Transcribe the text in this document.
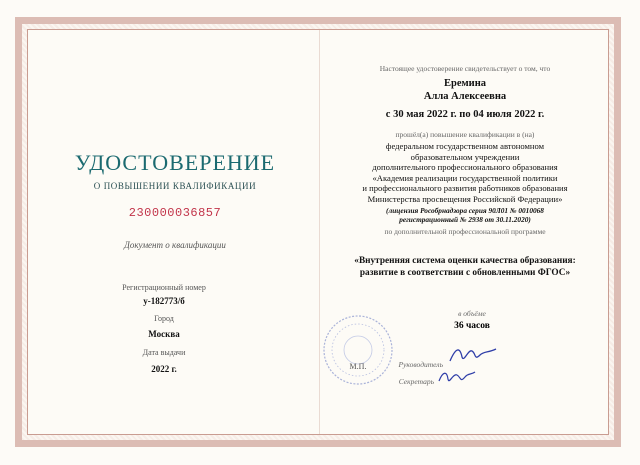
УДОСТОВЕРЕНИЕ
О ПОВЫШЕНИИ КВАЛИФИКАЦИИ
230000036857
Документ о квалификации
Регистрационный номер
у-182773/б
Город
Москва
Дата выдачи
2022 г.
Настоящее удостоверение свидетельствует о том, что
Еремина
Алла Алексеевна
с 30 мая 2022 г. по 04 июля 2022 г.
прошёл(а) повышение квалификации в (на)
федеральном государственном автономном
образовательном учреждении
дополнительного профессионального образования
«Академия реализации государственной политики
и профессионального развития работников образования
Министерства просвещения Российской Федерации»
(лицензия Рособрнадзора серия 90Л01 № 0010068
регистрационный № 2938 от 30.11.2020)
по дополнительной профессиональной программе
«Внутренняя система оценки качества образования:
развитие в соответствии с обновленными ФГОС»
в объёме
36 часов
М.П.	Руководитель
Секретарь
